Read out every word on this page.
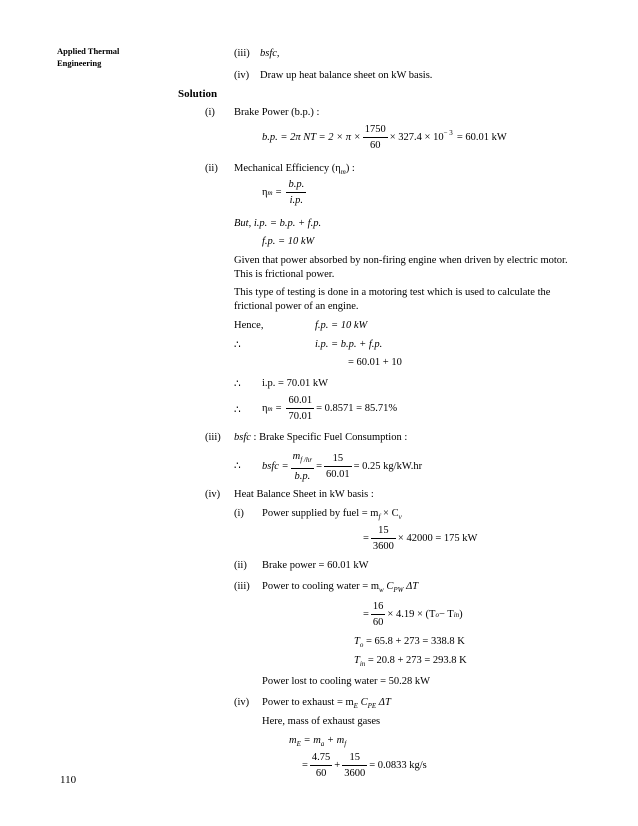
Applied Thermal
Engineering
(iii) bsfc,
(iv) Draw up heat balance sheet on kW basis.
Solution
(i) Brake Power (b.p.) :
b.p. = 2π NT = $2 \times \pi \times \frac{1750}{60} \times 327.4 \times 10^{- 3} = 60.01$ kW
(ii) Mechanical Efficiency $(\eta_m)$ :
η $m = \frac{b.p.}{i.p.}$
But, i.p. = b.p. + f.p.
f.p. = 10 kW
Given that power absorbed by non-firing engine when driven by electric motor. This is frictional power.
This type of testing is done in a motoring test which is used to calculate the frictional power of an engine.
Hence,	f.p. = 10 kW
∴	i.p. = b.p. + f.p.
= 60.01 + 10
∴ i.p. = 70.01 kW
∴ η $m = \frac{60.01}{70.01} = 0.8571 = 85.71\%$
(iii) bsfc : Brake Specific Fuel Consumption :
∴ bsfc = $\frac{m_{f /hr}}{b.p.} = \frac{15}{60.01} = 0.25$ kg/kW.hr
(iv) Heat Balance Sheet in kW basis :
(i) Power supplied by fuel = $m_f \times C_v$
= $\frac{15}{3600} \times 42000 = 175$ kW
(ii) Brake power = 60.01 kW
(iii) Power to cooling water = $m_w$ $C_{PW}$ ΔT
= $\frac{16}{60} \times 4.19 \times (T$ o − T in )
$T_o = 65.8 + 273 = 338.8$ K
$T_{in} = 20.8 + 273 = 293.8$ K
Power lost to cooling water = 50.28 kW
(iv) Power to exhaust = $m_E$ $C_{PE}$ ΔT
Here, mass of exhaust gases
$m_E = m_a + m_f$
= $\frac{4.75}{60} + \frac{15}{3600} = 0.0833$ kg/s
110
